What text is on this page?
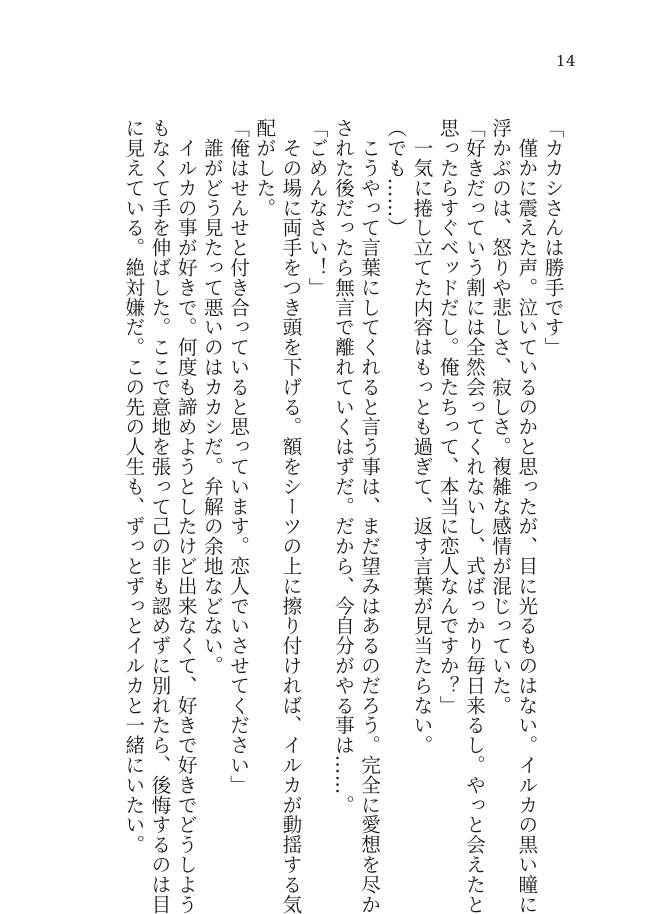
14
「カカシさんは勝手です」
　僅かに震えた声。泣いているのかと思ったが、目に光るものはない。イルカの黒い瞳に
浮かぶのは、怒りや悲しさ、寂しさ。複雑な感情が混じっていた。
「好きだっていう割には全然会ってくれないし、式ばっかり毎日来るし。やっと会えたと
思ったらすぐベッドだし。俺たちって、本当に恋人なんですか？」
　一気に捲し立てた内容はもっとも過ぎて、返す言葉が見当たらない。
（でも……）
　こうやって言葉にしてくれると言う事は、まだ望みはあるのだろう。完全に愛想を尽か
された後だったら無言で離れていくはずだ。だから、今自分がやる事は……。
「ごめんなさい！」
　その場に両手をつき頭を下げる。額をシーツの上に擦り付ければ、イルカが動揺する気
配がした。
「俺はせんせと付き合っていると思っています。恋人でいさせてください」
　誰がどう見たって悪いのはカカシだ。弁解の余地などない。
　イルカの事が好きで。何度も諦めようとしたけど出来なくて、好きで好きでどうしよう
もなくて手を伸ばした。ここで意地を張って己の非も認めずに別れたら、後悔するのは目
に見えている。絶対嫌だ。この先の人生も、ずっとずっとイルカと一緒にいたい。
